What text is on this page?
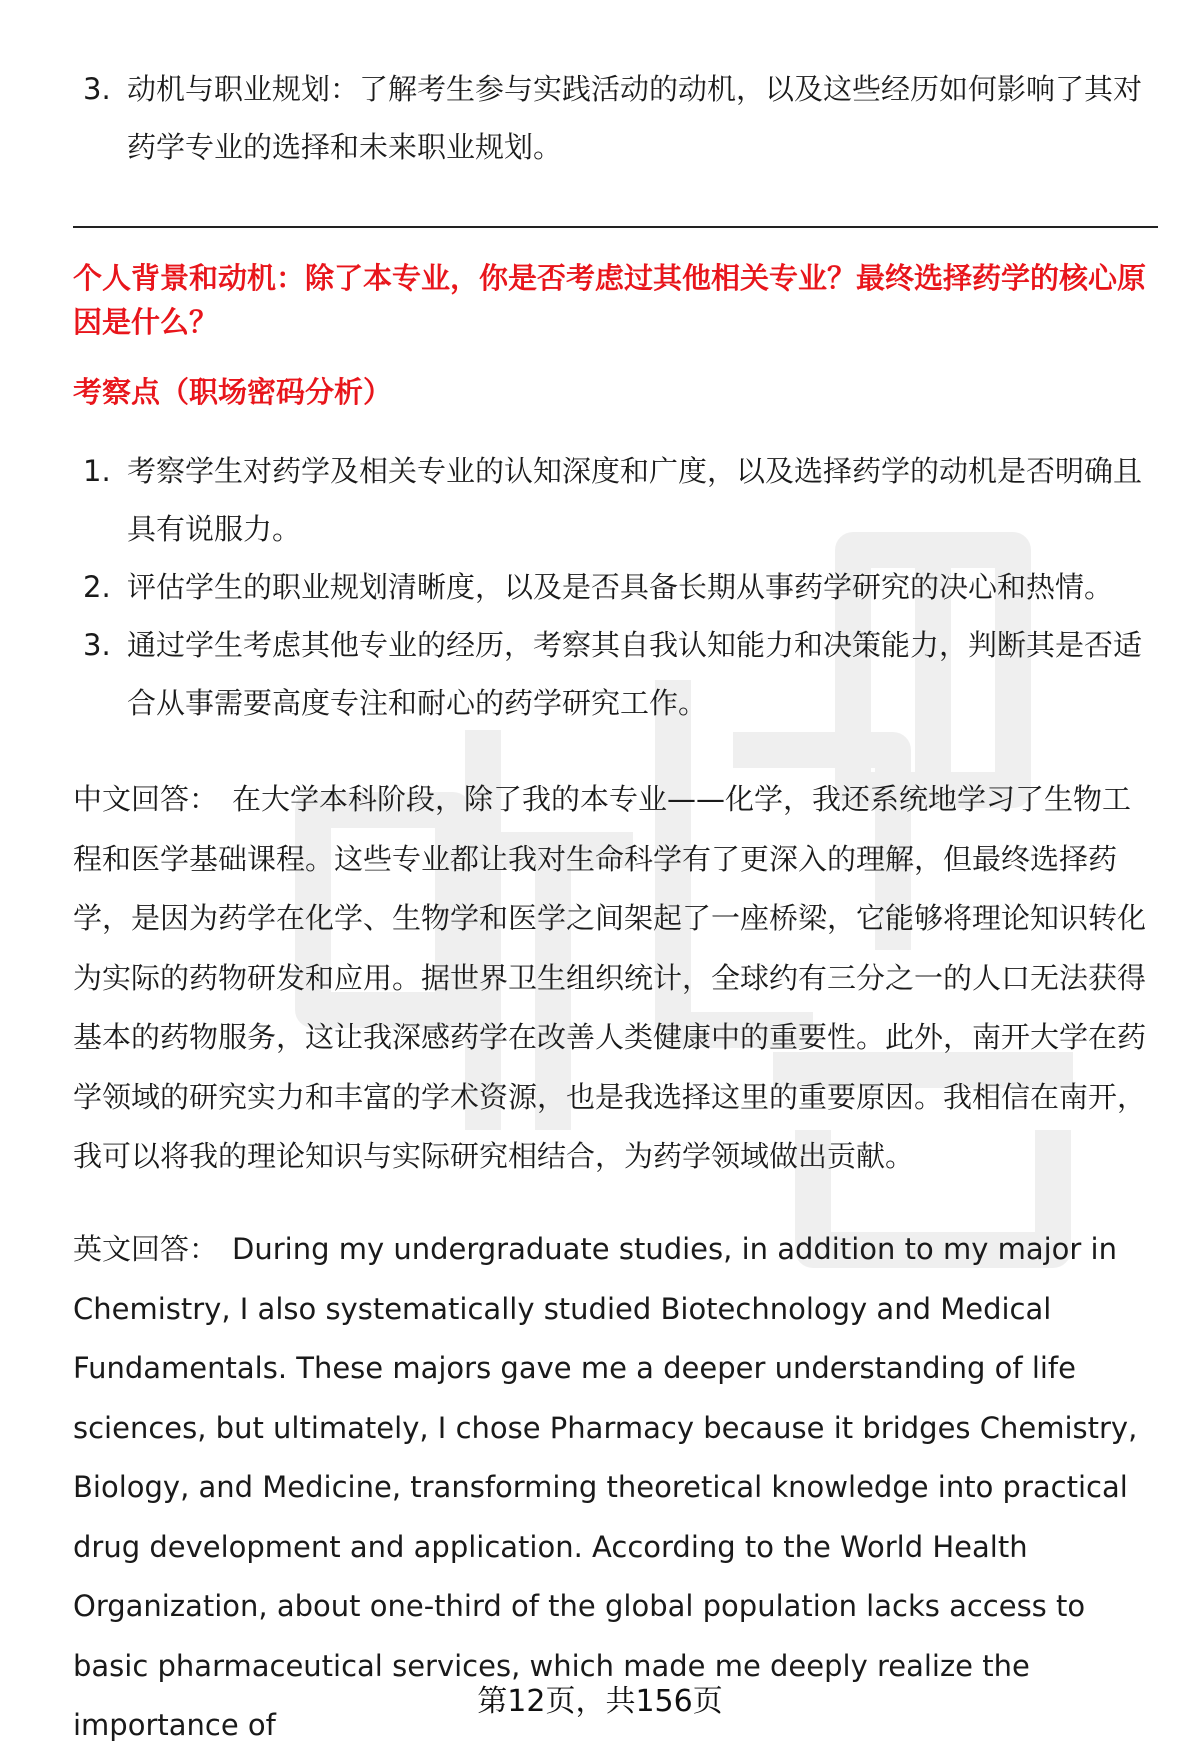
3. 动机与职业规划：了解考生参与实践活动的动机，以及这些经历如何影响了其对药学专业的选择和未来职业规划。
个人背景和动机：除了本专业，你是否考虑过其他相关专业？最终选择药学的核心原因是什么？
考察点（职场密码分析）
1. 考察学生对药学及相关专业的认知深度和广度，以及选择药学的动机是否明确且具有说服力。
2. 评估学生的职业规划清晰度，以及是否具备长期从事药学研究的决心和热情。
3. 通过学生考虑其他专业的经历，考察其自我认知能力和决策能力，判断其是否适合从事需要高度专注和耐心的药学研究工作。

中文回答： 在大学本科阶段，除了我的本专业——化学，我还系统地学习了生物工程和医学基础课程。这些专业都让我对生命科学有了更深入的理解，但最终选择药学，是因为药学在化学、生物学和医学之间架起了一座桥梁，它能够将理论知识转化为实际的药物研发和应用。据世界卫生组织统计，全球约有三分之一的人口无法获得基本的药物服务，这让我深感药学在改善人类健康中的重要性。此外，南开大学在药学领域的研究实力和丰富的学术资源，也是我选择这里的重要原因。我相信在南开，我可以将我的理论知识与实际研究相结合，为药学领域做出贡献。

英文回答： During my undergraduate studies, in addition to my major in Chemistry, I also systematically studied Biotechnology and Medical Fundamentals. These majors gave me a deeper understanding of life sciences, but ultimately, I chose Pharmacy because it bridges Chemistry, Biology, and Medicine, transforming theoretical knowledge into practical drug development and application. According to the World Health Organization, about one-third of the global population lacks access to basic pharmaceutical services, which made me deeply realize the importance of

第12页，共156页
